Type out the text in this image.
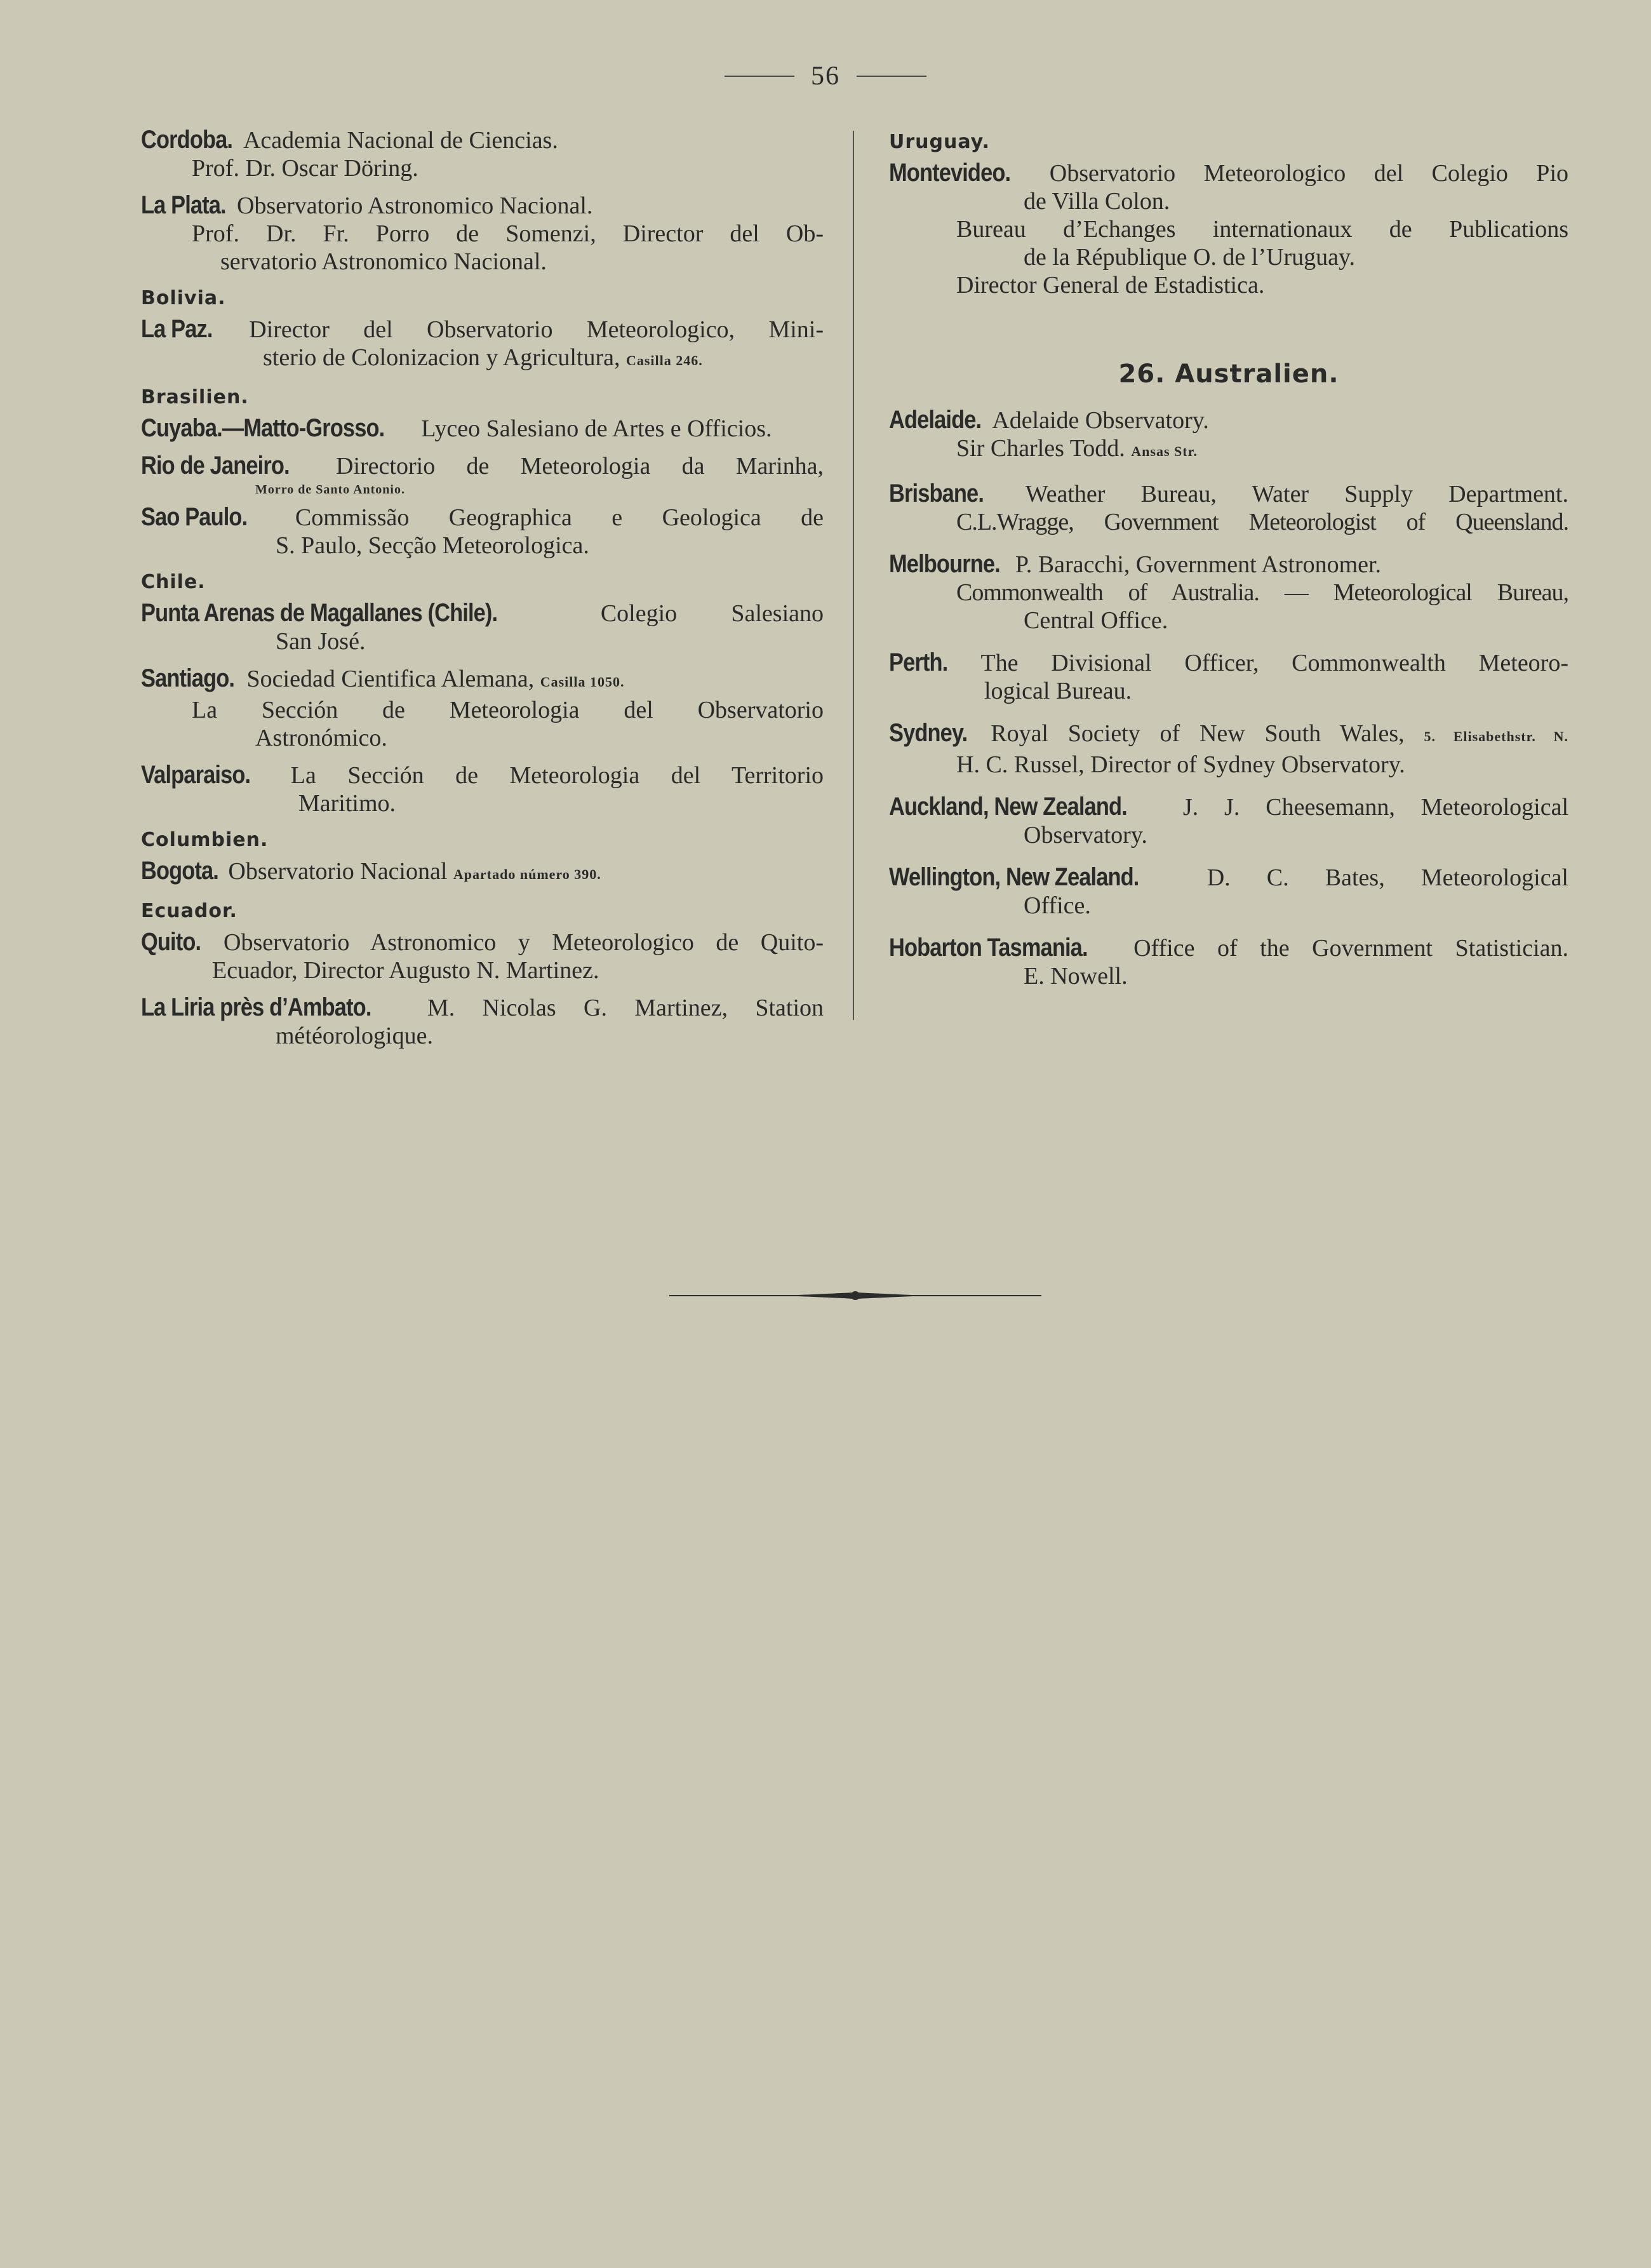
56
Cordoba. Academia Nacional de Ciencias.
Prof. Dr. Oscar Döring.
La Plata. Observatorio Astronomico Nacional.
Prof. Dr. Fr. Porro de Somenzi, Director del Ob-
servatorio Astronomico Nacional.
Bolivia.
La Paz. Director del Observatorio Meteorologico, Mini-
sterio de Colonizacion y Agricultura, Casilla 246.
Brasilien.
Cuyaba.—Matto-Grosso. Lyceo Salesiano de Artes e Officios.
Rio de Janeiro. Directorio de Meteorologia da Marinha,
Morro de Santo Antonio.
Sao Paulo. Commissão Geographica e Geologica de
S. Paulo, Secção Meteorologica.
Chile.
Punta Arenas de Magallanes (Chile).	Colegio Salesiano
San José.
Santiago. Sociedad Cientifica Alemana, Casilla 1050.
La Sección de Meteorologia del Observatorio
Astronómico.
Valparaiso. La Sección de Meteorologia del Territorio
Maritimo.
Columbien.
Bogota. Observatorio Nacional Apartado número 390.
Ecuador.
Quito. Observatorio Astronomico y Meteorologico de Quito-
Ecuador, Director Augusto N. Martinez.
La Liria près d’Ambato. M. Nicolas G. Martinez, Station
météorologique.
Uruguay.
Montevideo. Observatorio Meteorologico del Colegio Pio
de Villa Colon.
Bureau d’Echanges internationaux de Publications
de la République O. de l’Uruguay.
Director General de Estadistica.
26. Australien.
Adelaide. Adelaide Observatory.
Sir Charles Todd. Ansas Str.
Brisbane. Weather Bureau, Water Supply Department.
C.L.Wragge, Government Meteorologist of Queensland.
Melbourne. P. Baracchi, Government Astronomer.
Commonwealth of Australia. — Meteorological Bureau,
Central Office.
Perth. The Divisional Officer, Commonwealth Meteoro-
logical Bureau.
Sydney. Royal Society of New South Wales, 5. Elisabethstr. N.
H. C. Russel, Director of Sydney Observatory.
Auckland, New Zealand. J. J. Cheesemann, Meteorological
Observatory.
Wellington, New Zealand.	D. C. Bates, Meteorological
Office.
Hobarton Tasmania. Office of the Government Statistician.
E. Nowell.
